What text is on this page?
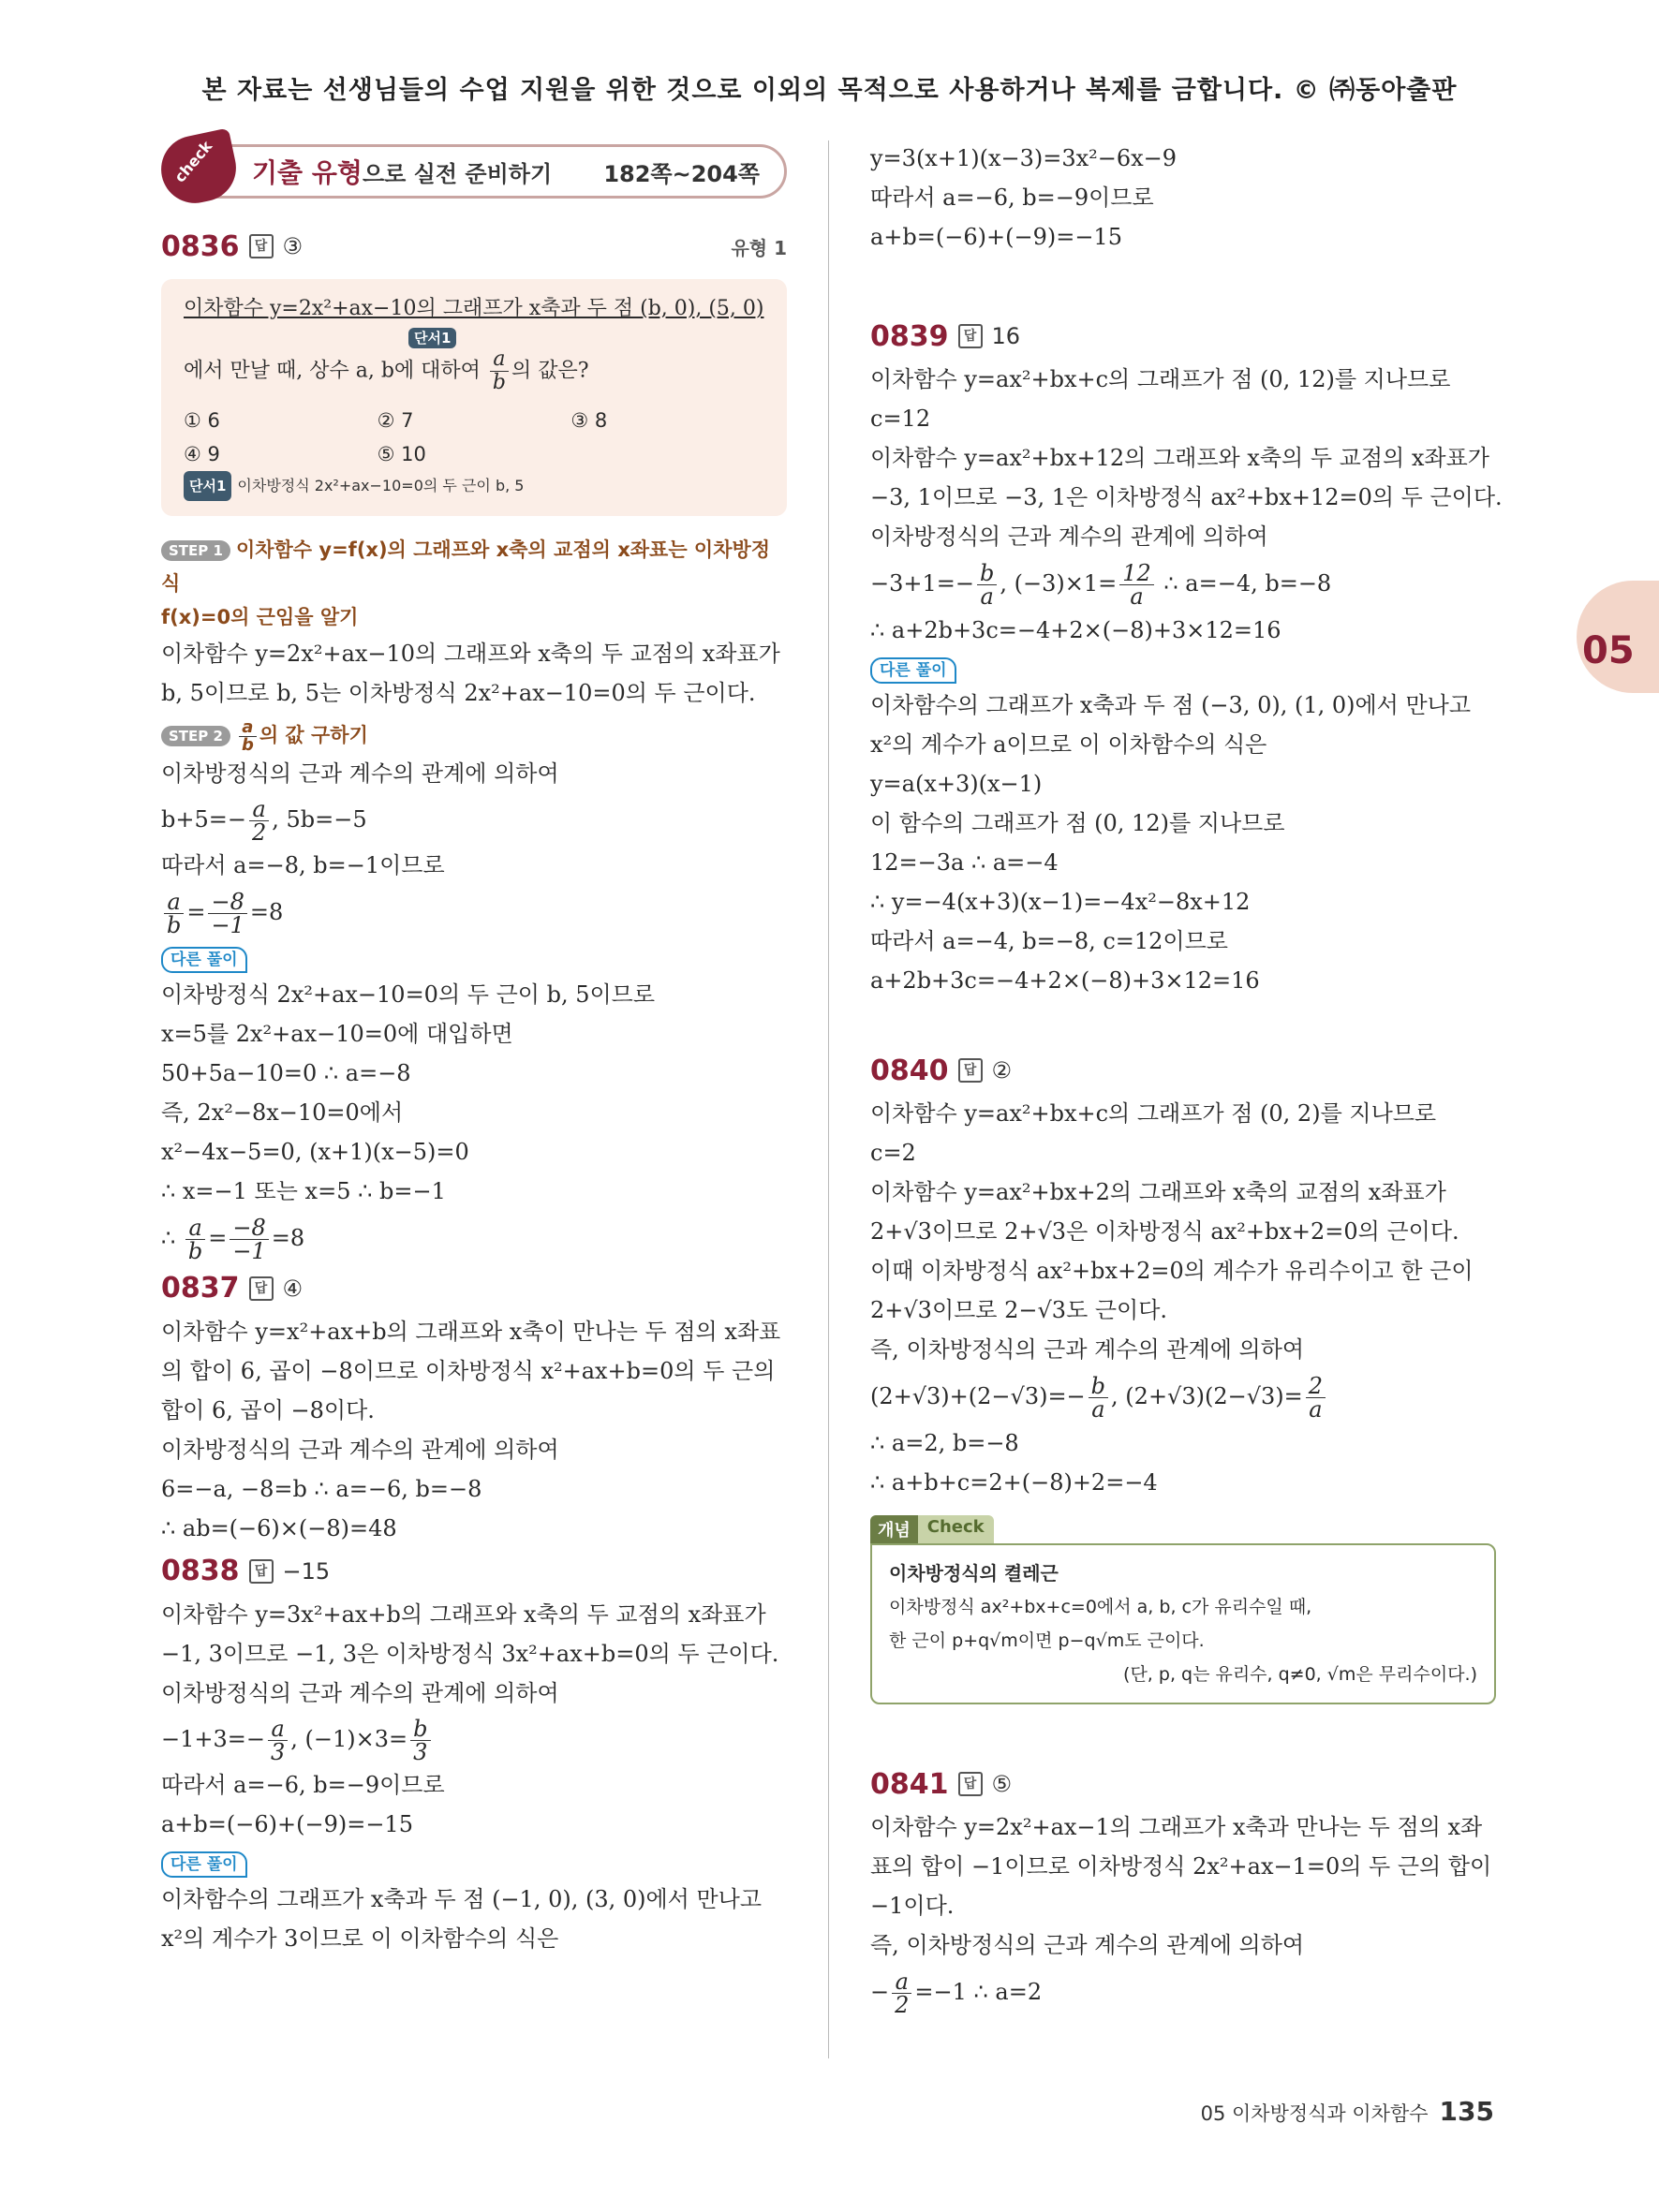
본 자료는 선생님들의 수업 지원을 위한 것으로 이외의 목적으로 사용하거나 복제를 금합니다. © ㈜동아출판
05
기출 유형으로 실전 준비하기 182쪽~204쪽
check
0836	답 ③	유형 1
이차함수 y=2x²+ax−10의 그래프가 x축과 두 점 (b, 0), (5, 0)
단서1
에서 만날 때, 상수 a, b에 대하여 $\frac{a}{b}$ 의 값은?
① 6	② 7	③ 8
④ 9	⑤ 10
단서1 이차방정식 2x²+ax−10=0의 두 근이 b, 5
STEP 1 이차함수 y=f(x)의 그래프와 x축의 교점의 x좌표는 이차방정식
f(x)=0의 근임을 알기
이차함수 y=2x²+ax−10의 그래프와 x축의 두 교점의 x좌표가
b, 5이므로 b, 5는 이차방정식 2x²+ax−10=0의 두 근이다.
STEP $2 \frac{a}{b}$ 의 값 구하기
이차방정식의 근과 계수의 관계에 의하여
$b+5=- \frac{a}{2}$ , 5b=−5
따라서 a=−8, b=−1이므로
$\frac{a}{b} = \frac{-8}{-1} =8$
다른 풀이
이차방정식 2x²+ax−10=0의 두 근이 b, 5이므로
x=5를 2x²+ax−10=0에 대입하면
50+5a−10=0 ∴ a=−8
즉, 2x²−8x−10=0에서
x²−4x−5=0, (x+1)(x−5)=0
∴ x=−1 또는 x=5 ∴ b=−1
∴ $\frac{a}{b} = \frac{-8}{-1} =8$
0837	답 ④
이차함수 y=x²+ax+b의 그래프와 x축이 만나는 두 점의 x좌표
의 합이 6, 곱이 −8이므로 이차방정식 x²+ax+b=0의 두 근의
합이 6, 곱이 −8이다.
이차방정식의 근과 계수의 관계에 의하여
6=−a, −8=b ∴ a=−6, b=−8
∴ ab=(−6)×(−8)=48
0838	답 −15
이차함수 y=3x²+ax+b의 그래프와 x축의 두 교점의 x좌표가
−1, 3이므로 −1, 3은 이차방정식 3x²+ax+b=0의 두 근이다.
이차방정식의 근과 계수의 관계에 의하여
$-1+3=- \frac{a}{3}$ , $(-1)\times 3= \frac{b}{3}$
따라서 a=−6, b=−9이므로
a+b=(−6)+(−9)=−15
다른 풀이
이차함수의 그래프가 x축과 두 점 (−1, 0), (3, 0)에서 만나고
x²의 계수가 3이므로 이 이차함수의 식은
y=3(x+1)(x−3)=3x²−6x−9
따라서 a=−6, b=−9이므로
a+b=(−6)+(−9)=−15
0839	답 16
이차함수 y=ax²+bx+c의 그래프가 점 (0, 12)를 지나므로
c=12
이차함수 y=ax²+bx+12의 그래프와 x축의 두 교점의 x좌표가
−3, 1이므로 −3, 1은 이차방정식 ax²+bx+12=0의 두 근이다.
이차방정식의 근과 계수의 관계에 의하여
$-3+1=- \frac{b}{a}$ , $(-3)\times 1= \frac{12}{a}$ ∴ a=−4, b=−8
∴ a+2b+3c=−4+2×(−8)+3×12=16
다른 풀이
이차함수의 그래프가 x축과 두 점 (−3, 0), (1, 0)에서 만나고
x²의 계수가 a이므로 이 이차함수의 식은
y=a(x+3)(x−1)
이 함수의 그래프가 점 (0, 12)를 지나므로
12=−3a ∴ a=−4
∴ y=−4(x+3)(x−1)=−4x²−8x+12
따라서 a=−4, b=−8, c=12이므로
a+2b+3c=−4+2×(−8)+3×12=16
0840	답 ②
이차함수 y=ax²+bx+c의 그래프가 점 (0, 2)를 지나므로
c=2
이차함수 y=ax²+bx+2의 그래프와 x축의 교점의 x좌표가
2+√3이므로 2+√3은 이차방정식 ax²+bx+2=0의 근이다.
이때 이차방정식 ax²+bx+2=0의 계수가 유리수이고 한 근이
2+√3이므로 2−√3도 근이다.
즉, 이차방정식의 근과 계수의 관계에 의하여
$(2+√3)+(2-√3)=- \frac{b}{a}$ , $(2+√3)(2-√3)= \frac{2}{a}$
∴ a=2, b=−8
∴ a+b+c=2+(−8)+2=−4
개념	Check
이차방정식의 켤레근
이차방정식 ax²+bx+c=0에서 a, b, c가 유리수일 때,
한 근이 p+q√m이면 p−q√m도 근이다.
(단, p, q는 유리수, q≠0, √m은 무리수이다.)
0841	답 ⑤
이차함수 y=2x²+ax−1의 그래프가 x축과 만나는 두 점의 x좌
표의 합이 −1이므로 이차방정식 2x²+ax−1=0의 두 근의 합이
−1이다.
즉, 이차방정식의 근과 계수의 관계에 의하여
− $\frac{a}{2} =-1$ ∴ a=2
05 이차방정식과 이차함수 135
